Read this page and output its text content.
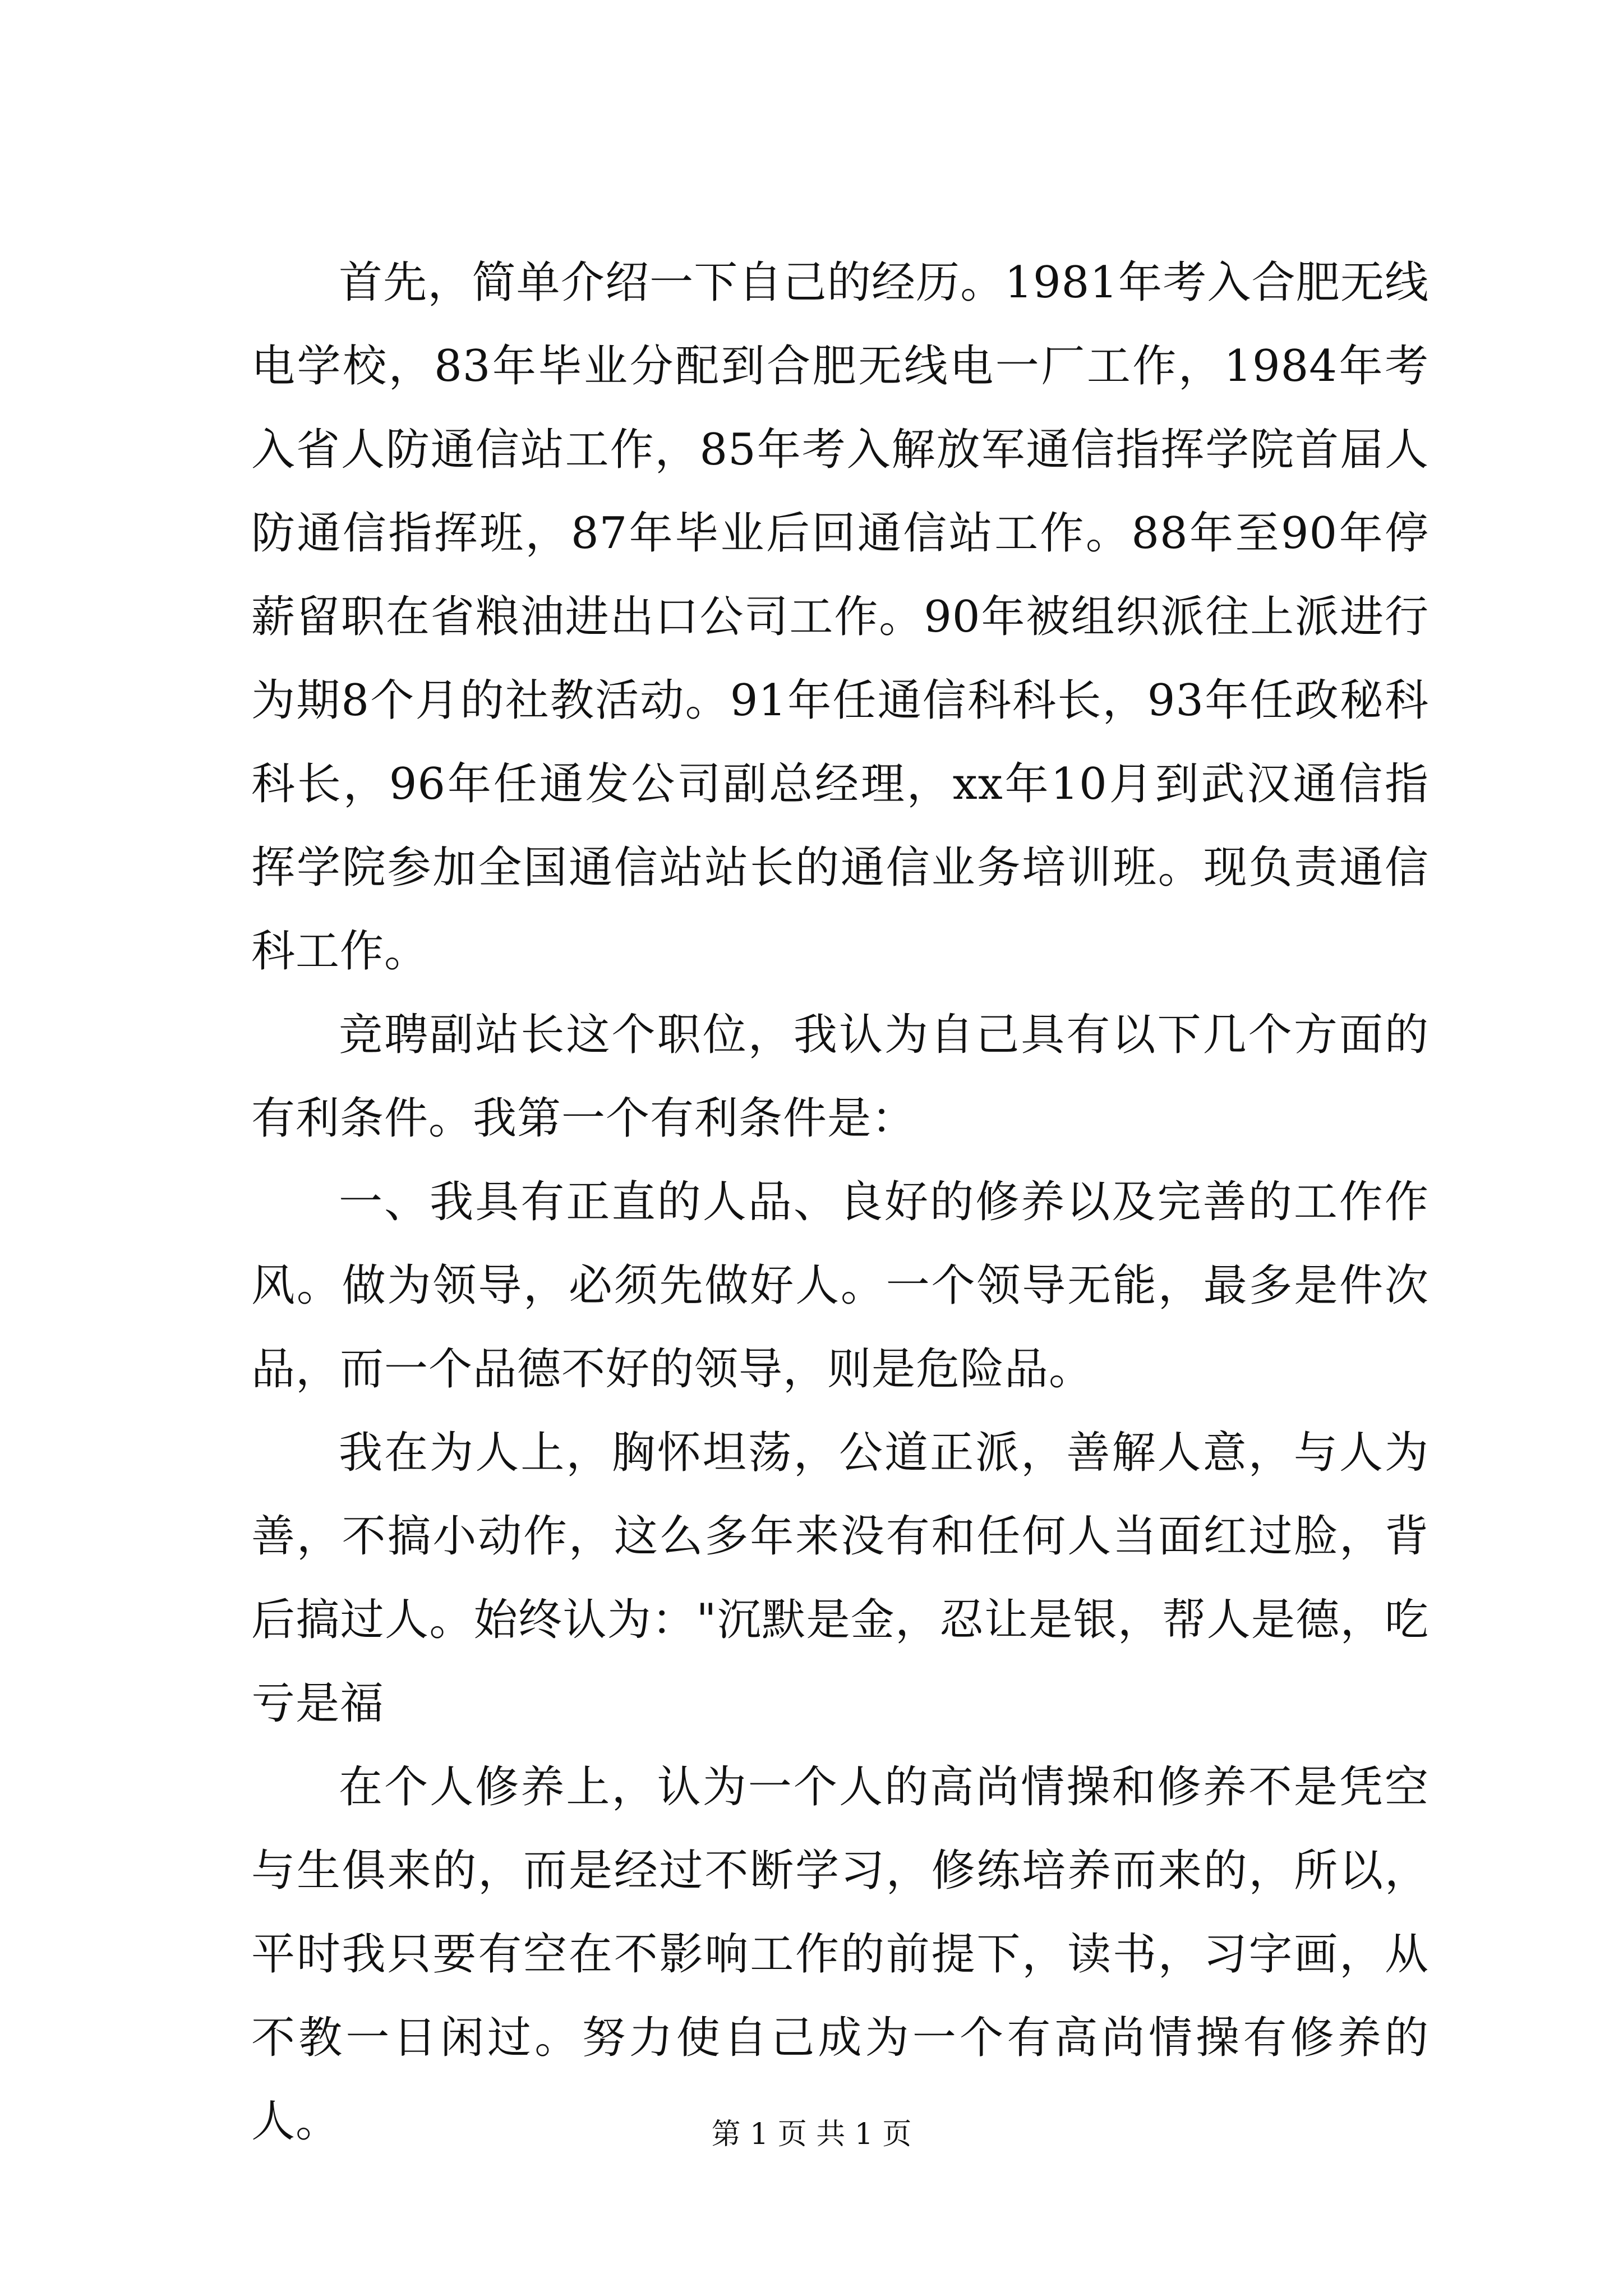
首先，简单介绍一下自己的经历。1981年考入合肥无线电学校，83年毕业分配到合肥无线电一厂工作，1984年考入省人防通信站工作，85年考入解放军通信指挥学院首届人防通信指挥班，87年毕业后回通信站工作。88年至90年停薪留职在省粮油进出口公司工作。90年被组织派往上派进行为期8个月的社教活动。91年任通信科科长，93年任政秘科科长，96年任通发公司副总经理，xx年10月到武汉通信指挥学院参加全国通信站站长的通信业务培训班。现负责通信科工作。

竞聘副站长这个职位，我认为自己具有以下几个方面的有利条件。我第一个有利条件是：

一、我具有正直的人品、良好的修养以及完善的工作作风。做为领导，必须先做好人。一个领导无能，最多是件次品，而一个品德不好的领导，则是危险品。

我在为人上，胸怀坦荡，公道正派，善解人意，与人为善，不搞小动作，这么多年来没有和任何人当面红过脸，背后搞过人。始终认为："沉默是金，忍让是银，帮人是德，吃亏是福

在个人修养上，认为一个人的高尚情操和修养不是凭空与生俱来的，而是经过不断学习，修练培养而来的，所以，平时我只要有空在不影响工作的前提下，读书，习字画，从不教一日闲过。努力使自己成为一个有高尚情操有修养的人。	第 1 页 共 1 页
